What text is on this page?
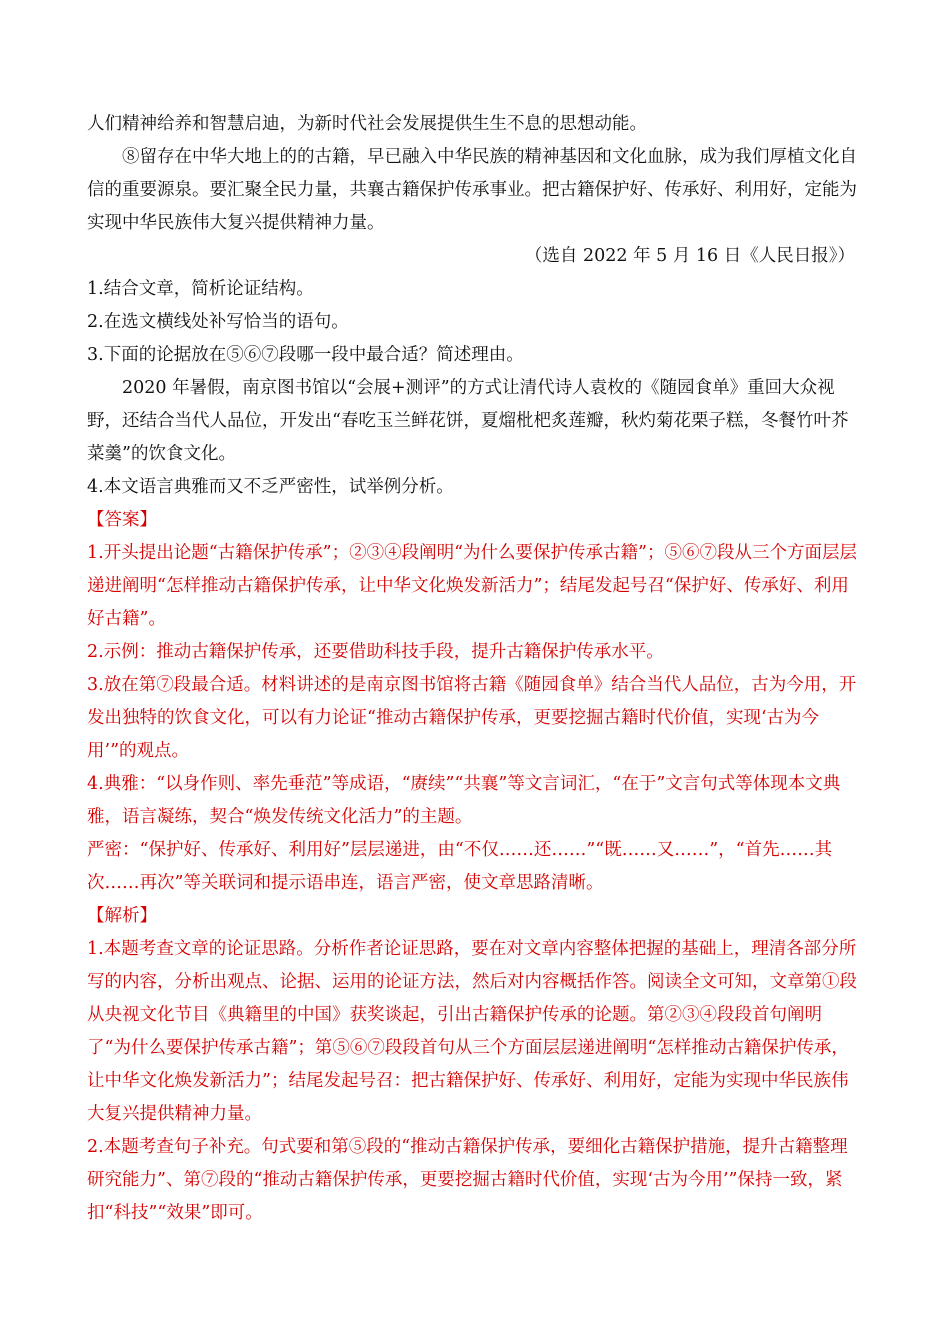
人们精神给养和智慧启迪，为新时代社会发展提供生生不息的思想动能。

⑧留存在中华大地上的的古籍，早已融入中华民族的精神基因和文化血脉，成为我们厚植文化自信的重要源泉。要汇聚全民力量，共襄古籍保护传承事业。把古籍保护好、传承好、利用好，定能为实现中华民族伟大复兴提供精神力量。

（选自 2022 年 5 月 16 日《人民日报》）

1.结合文章，简析论证结构。

2.在选文横线处补写恰当的语句。

3.下面的论据放在⑤⑥⑦段哪一段中最合适？简述理由。

2020 年暑假，南京图书馆以“会展+测评”的方式让清代诗人袁枚的《随园食单》重回大众视野，还结合当代人品位，开发出“春吃玉兰鲜花饼，夏熘枇杷炙莲瓣，秋灼菊花栗子糕，冬餐竹叶芥菜羹”的饮食文化。

4.本文语言典雅而又不乏严密性，试举例分析。

【答案】

1.开头提出论题“古籍保护传承”；②③④段阐明“为什么要保护传承古籍”；⑤⑥⑦段从三个方面层层递进阐明“怎样推动古籍保护传承，让中华文化焕发新活力”；结尾发起号召“保护好、传承好、利用好古籍”。

2.示例：推动古籍保护传承，还要借助科技手段，提升古籍保护传承水平。

3.放在第⑦段最合适。材料讲述的是南京图书馆将古籍《随园食单》结合当代人品位，古为今用，开发出独特的饮食文化，可以有力论证“推动古籍保护传承，更要挖掘古籍时代价值，实现‘古为今用’”的观点。

4.典雅：“以身作则、率先垂范”等成语，“赓续”“共襄”等文言词汇，“在于”文言句式等体现本文典雅，语言凝练，契合“焕发传统文化活力”的主题。

严密：“保护好、传承好、利用好”层层递进，由“不仅……还……”“既……又……”，“首先……其次……再次”等关联词和提示语串连，语言严密，使文章思路清晰。

【解析】

1.本题考查文章的论证思路。分析作者论证思路，要在对文章内容整体把握的基础上，理清各部分所写的内容，分析出观点、论据、运用的论证方法，然后对内容概括作答。阅读全文可知，文章第①段从央视文化节目《典籍里的中国》获奖谈起，引出古籍保护传承的论题。第②③④段段首句阐明了“为什么要保护传承古籍”；第⑤⑥⑦段段首句从三个方面层层递进阐明“怎样推动古籍保护传承，让中华文化焕发新活力”；结尾发起号召：把古籍保护好、传承好、利用好，定能为实现中华民族伟大复兴提供精神力量。

2.本题考查句子补充。句式要和第⑤段的“推动古籍保护传承，要细化古籍保护措施，提升古籍整理研究能力”、第⑦段的“推动古籍保护传承，更要挖掘古籍时代价值，实现‘古为今用’”保持一致，紧扣“科技”“效果”即可。
